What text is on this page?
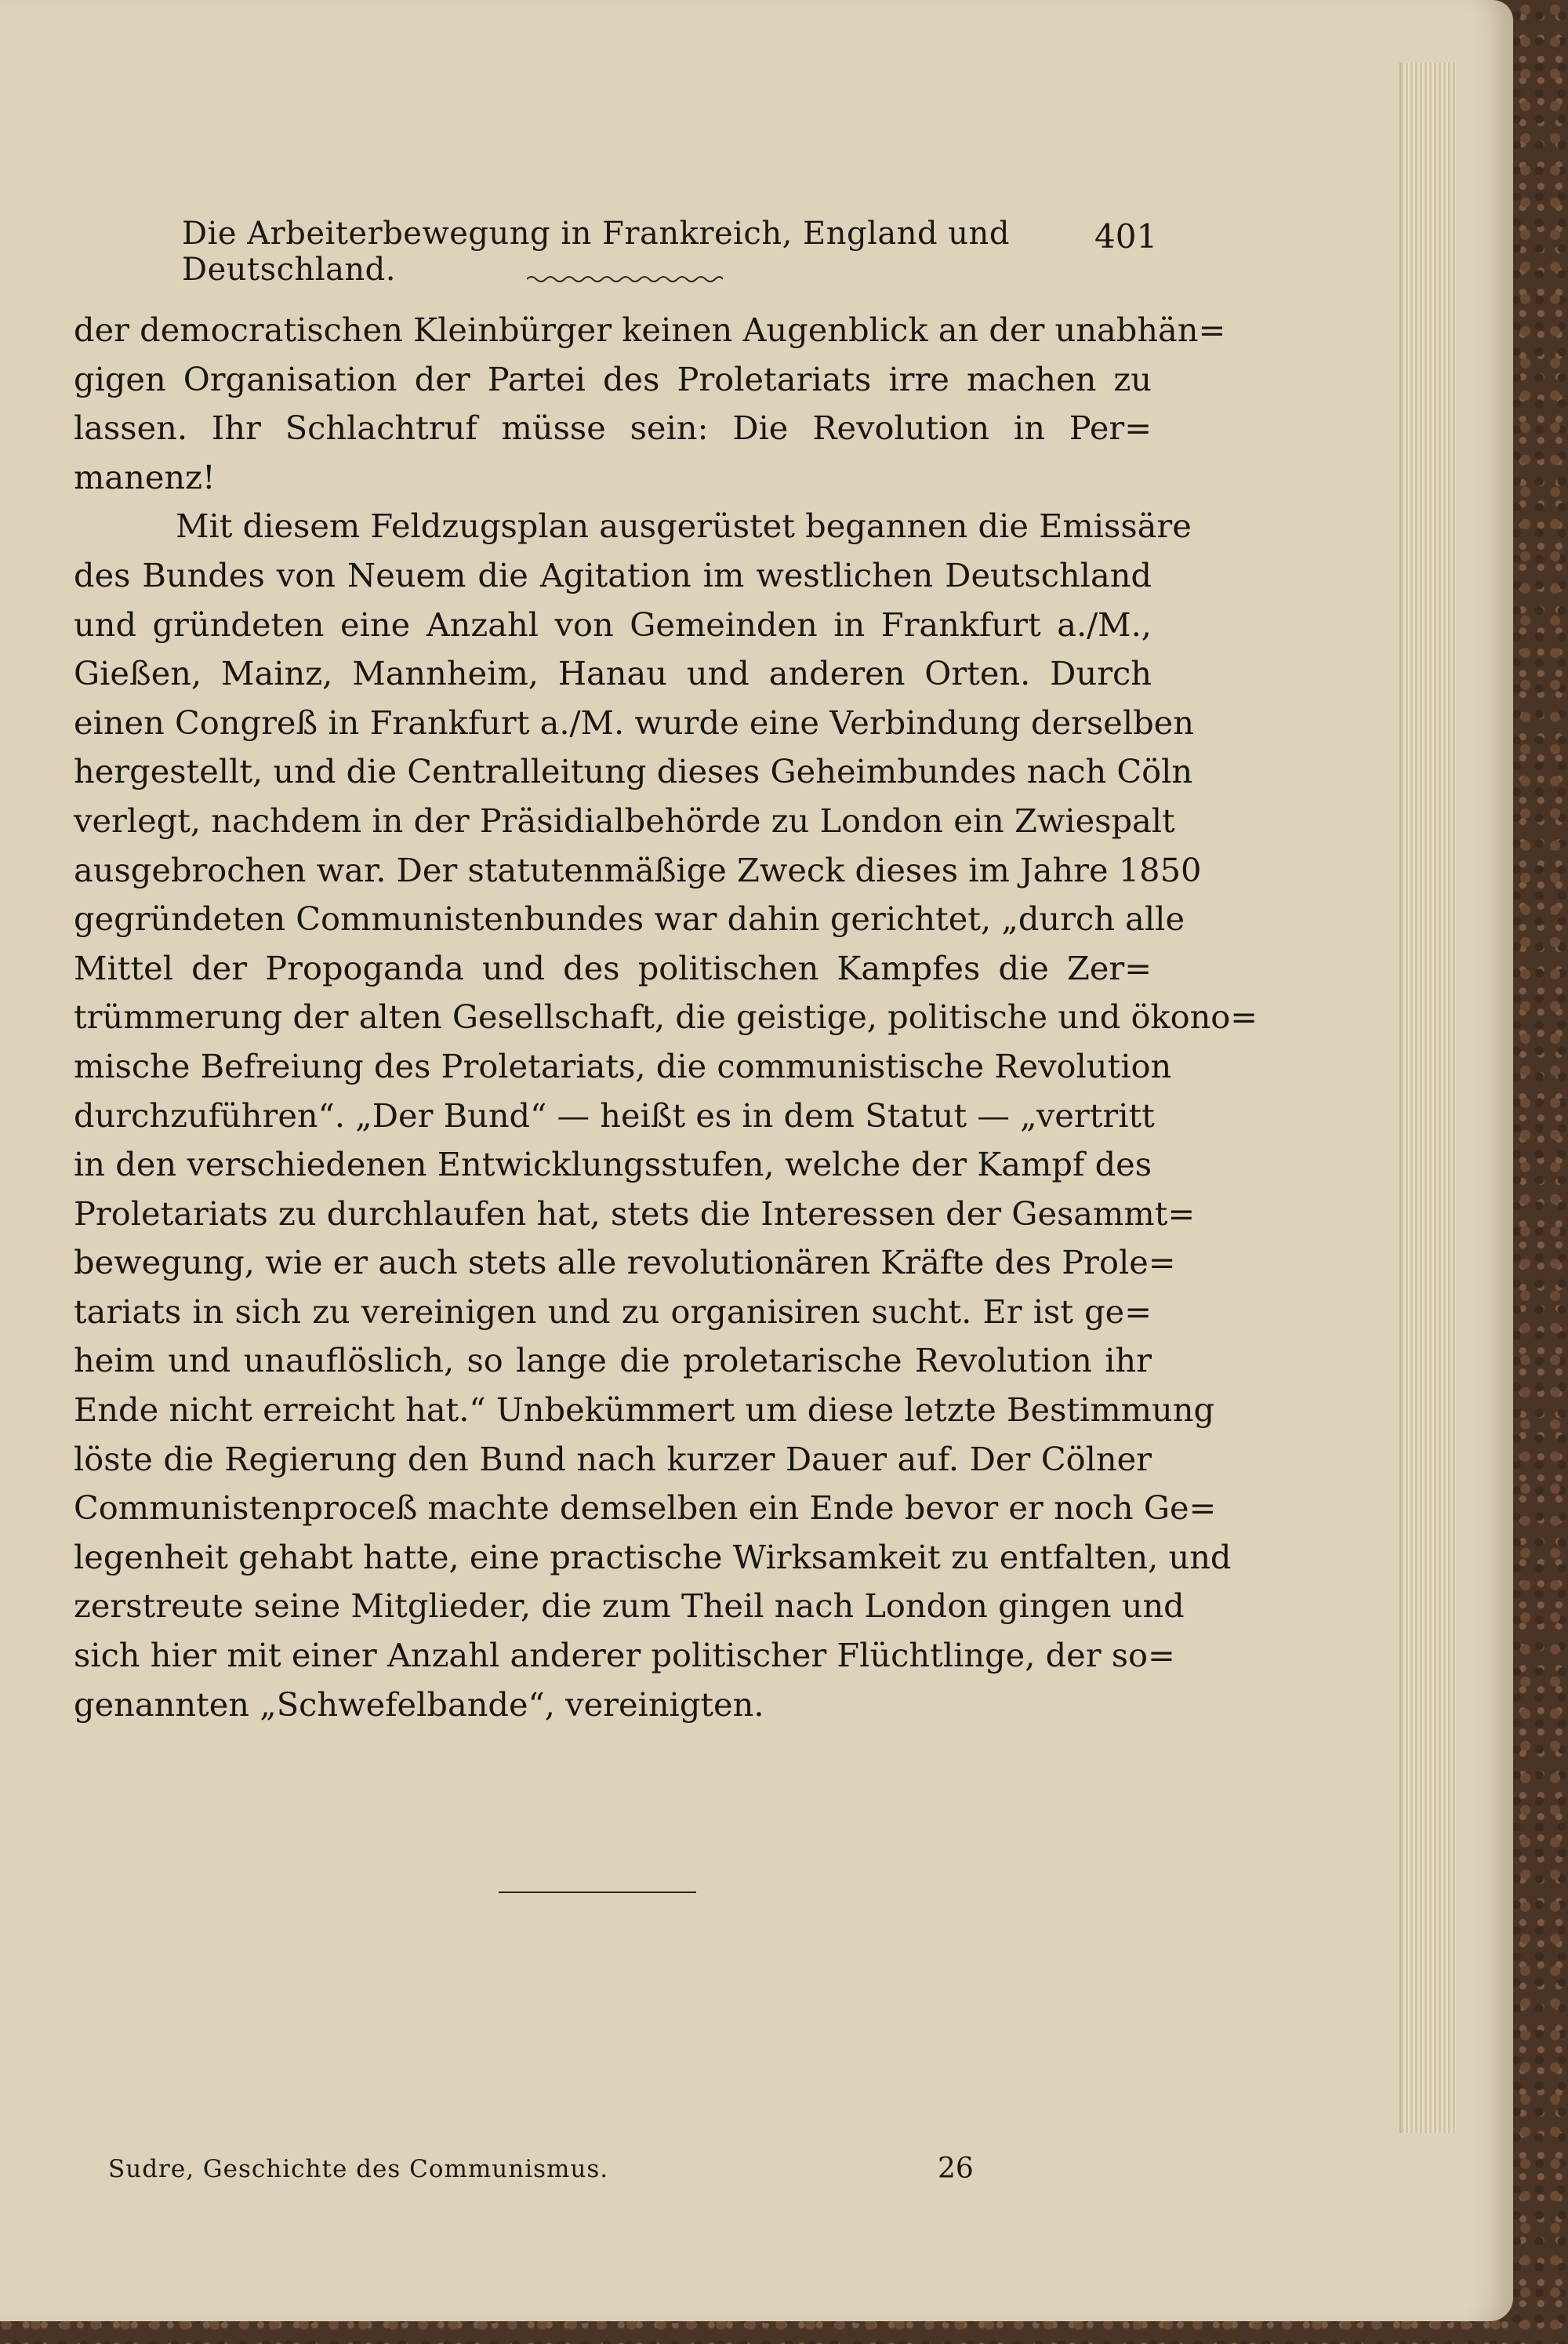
Die Arbeiterbewegung in Frankreich, England und Deutschland.
401
der democratischen Kleinbürger keinen Augenblick an der unabhän=
gigen Organisation der Partei des Proletariats irre machen zu
lassen. Ihr Schlachtruf müsse sein: Die Revolution in Per=
manenz!
Mit diesem Feldzugsplan ausgerüstet begannen die Emissäre
des Bundes von Neuem die Agitation im westlichen Deutschland
und gründeten eine Anzahl von Gemeinden in Frankfurt a./M.,
Gießen, Mainz, Mannheim, Hanau und anderen Orten. Durch
einen Congreß in Frankfurt a./M. wurde eine Verbindung derselben
hergestellt, und die Centralleitung dieses Geheimbundes nach Cöln
verlegt, nachdem in der Präsidialbehörde zu London ein Zwiespalt
ausgebrochen war. Der statutenmäßige Zweck dieses im Jahre 1850
gegründeten Communistenbundes war dahin gerichtet, „durch alle
Mittel der Propoganda und des politischen Kampfes die Zer=
trümmerung der alten Gesellschaft, die geistige, politische und ökono=
mische Befreiung des Proletariats, die communistische Revolution
durchzuführen“. „Der Bund“ — heißt es in dem Statut — „vertritt
in den verschiedenen Entwicklungsstufen, welche der Kampf des
Proletariats zu durchlaufen hat, stets die Interessen der Gesammt=
bewegung, wie er auch stets alle revolutionären Kräfte des Prole=
tariats in sich zu vereinigen und zu organisiren sucht. Er ist ge=
heim und unauflöslich, so lange die proletarische Revolution ihr
Ende nicht erreicht hat.“ Unbekümmert um diese letzte Bestimmung
löste die Regierung den Bund nach kurzer Dauer auf. Der Cölner
Communistenproceß machte demselben ein Ende bevor er noch Ge=
legenheit gehabt hatte, eine practische Wirksamkeit zu entfalten, und
zerstreute seine Mitglieder, die zum Theil nach London gingen und
sich hier mit einer Anzahl anderer politischer Flüchtlinge, der so=
genannten „Schwefelbande“, vereinigten.
Sudre, Geschichte des Communismus.	26
